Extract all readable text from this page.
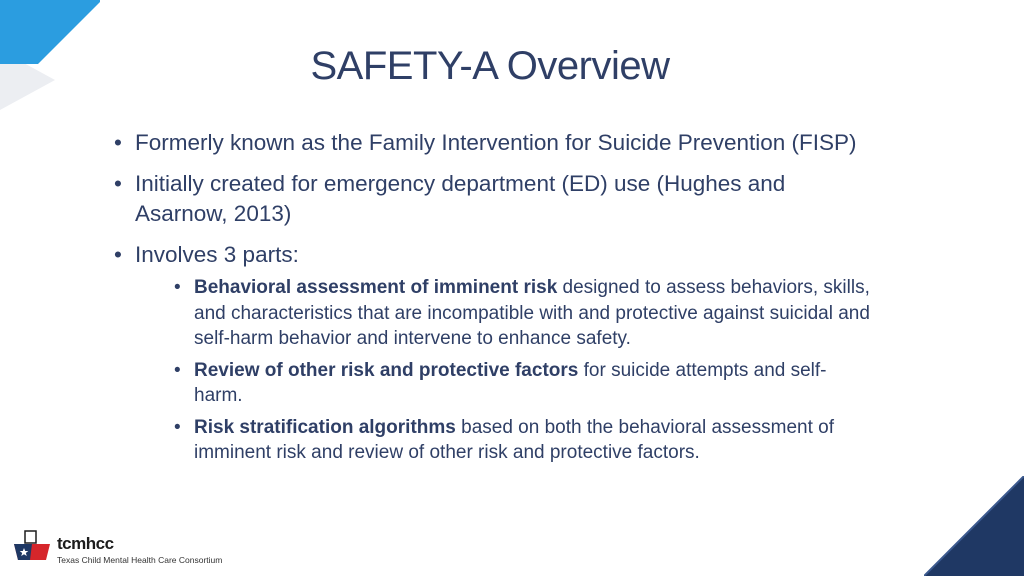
SAFETY-A Overview
• Formerly known as the Family Intervention for Suicide Prevention (FISP)
• Initially created for emergency department (ED) use (Hughes and Asarnow, 2013)
• Involves 3 parts:
• Behavioral assessment of imminent risk designed to assess behaviors, skills, and characteristics that are incompatible with and protective against suicidal and self-harm behavior and intervene to enhance safety.
• Review of other risk and protective factors for suicide attempts and self-harm.
• Risk stratification algorithms based on both the behavioral assessment of imminent risk and review of other risk and protective factors.
tcmhcc
Texas Child Mental Health Care Consortium
